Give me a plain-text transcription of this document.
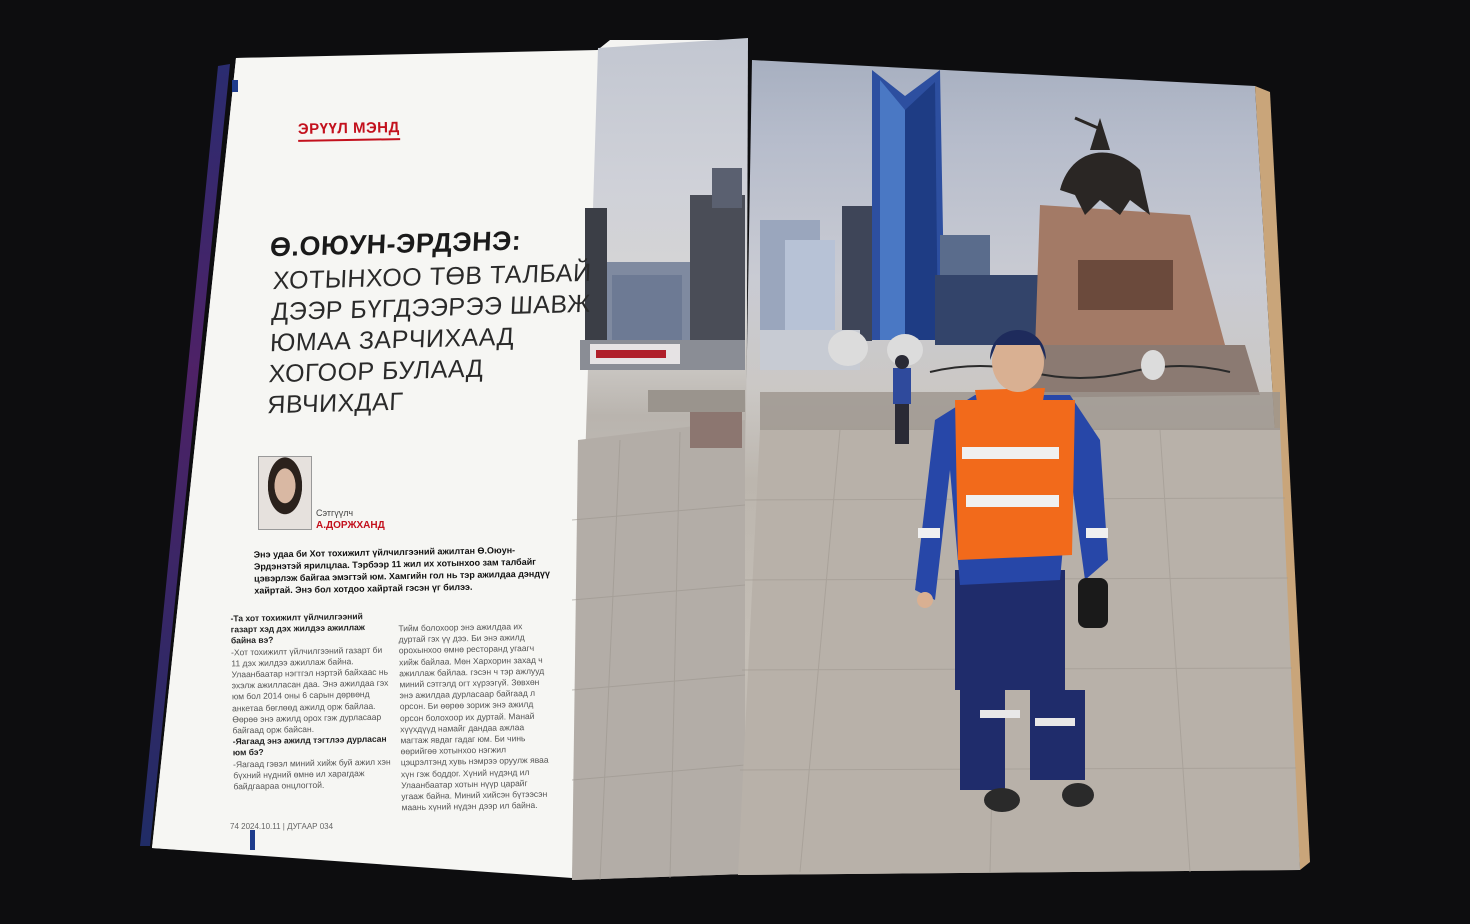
ЭРҮҮЛ МЭНД
Ө.ОЮУН-ЭРДЭНЭ:
ХОТЫНХОО ТӨВ ТАЛБАЙ
ДЭЭР БҮГДЭЭРЭЭ ШАВЖ
ЮМАА ЗАРЧИХААД
ХОГООР БУЛААД
ЯВЧИХДАГ
Сэтгүүлч
А.ДОРЖХАНД
Энэ удаа би Хот тохижилт үйлчилгээний ажилтан Ө.Оюун-Эрдэнэтэй ярилцлаа. Тэрбээр 11 жил их хотынхоо зам талбайг цэвэрлэж байгаа эмэгтэй юм. Хамгийн гол нь тэр ажилдаа дэндүү хайртай. Энэ бол хотдоо хайртай гэсэн үг билээ.
-Та хот тохижилт үйлчилгээний газарт хэд дэх жилдээ ажиллаж байна вэ?
-Хот тохижилт үйлчилгээний газарт би 11 дэх жилдээ ажиллаж байна. Улаанбаатар нэгтгэл нэртэй байхаас нь эхэлж ажилласан даа. Энэ ажилдаа гэх юм бол 2014 оны 6 сарын дөрвөнд анкетаа бөглөөд ажилд орж байлаа. Өөрөө энэ ажилд орох гэж дурласаар байгаад орж байсан.
-Яагаад энэ ажилд тэгтлээ дурласан юм бэ?
-Яагаад гэвэл миний хийж буй ажил хэн бүхний нүдний өмнө ил харагдаж байдгаараа онцлогтой.
Тийм болохоор энэ ажилдаа их дуртай гэх үү дээ. Би энэ ажилд орохынхоо өмнө ресторанд угаагч хийж байлаа. Мөн Хархорин захад ч ажиллаж байлаа. гэсэн ч тэр ажлууд миний сэтгэлд огт хүрээгүй. Зөвхөн энэ ажилдаа дурласаар байгаад л орсон. Би өөрөө зориж энэ ажилд орсон болохоор их дуртай. Манай хүүхдүүд намайг дандаа ажлаа магтаж явдаг гадаг юм. Би чинь өөрийгөө хотынхоо нэгжил цэцрэлтэнд хувь нэмрээ оруулж яваа хүн гэж боддог. Хүний нүдэнд ил Улаанбаатар хотын нүүр царайг угааж байна. Миний хийсэн бүтээсэн маань хүний нүдэн дээр ил байна.
74 2024.10.11 | ДУГААР 034
